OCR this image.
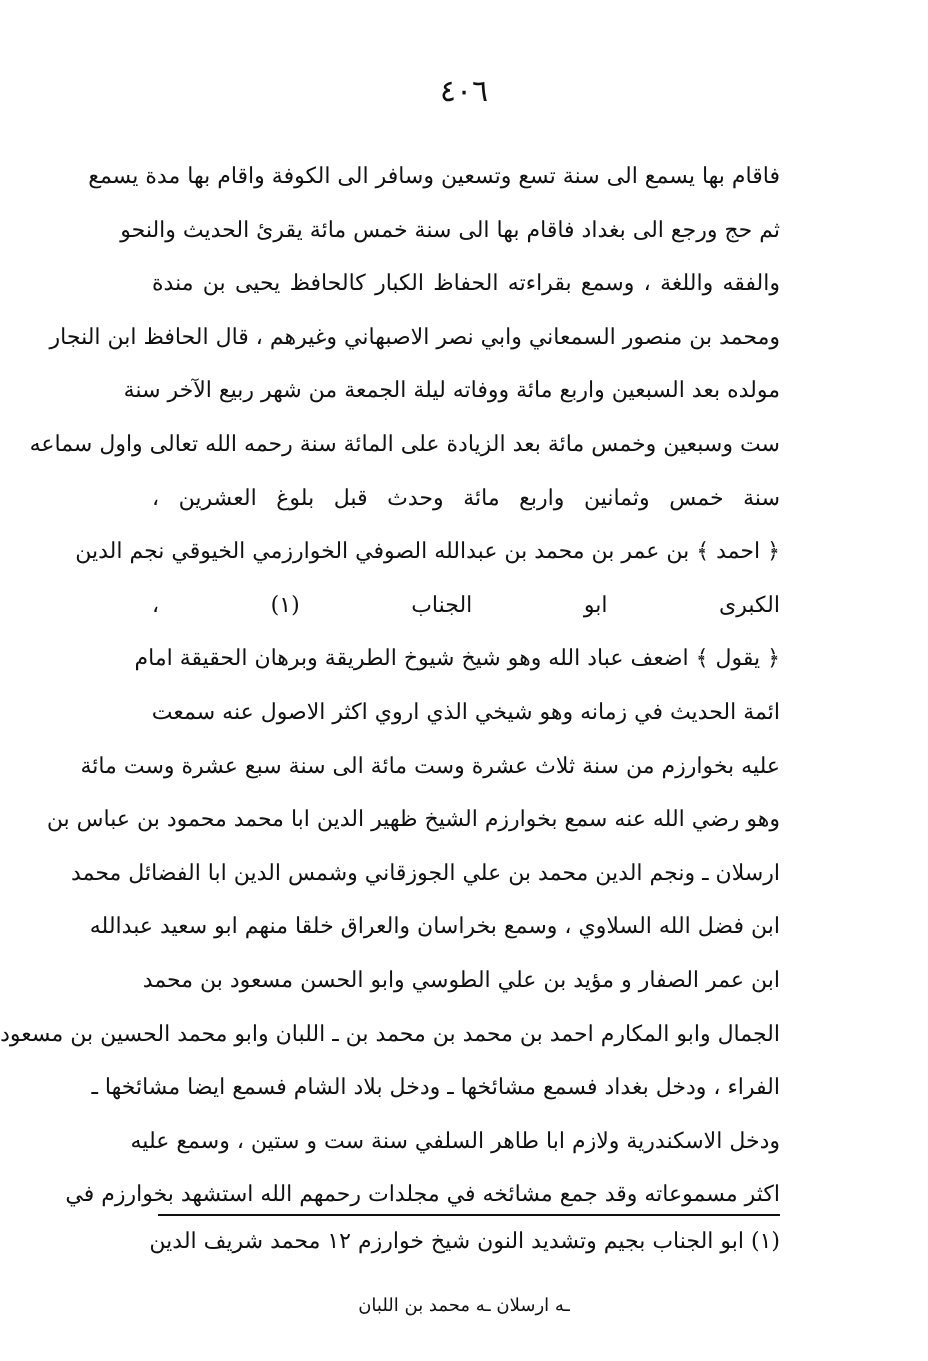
٤٠٦
فاقام بها يسمع الى سنة تسع وتسعين وسافر الى الكوفة واقام بها مدة يسمع
ثم حج ورجع الى بغداد فاقام بها الى سنة خمس مائة يقرئ الحديث والنحو
والفقه واللغة ، وسمع بقراءته الحفاظ الكبار كالحافظ يحيى بن مندة
ومحمد بن منصور السمعاني وابي نصر الاصبهاني وغيرهم ، قال الحافظ ابن النجار
مولده بعد السبعين واربع مائة ووفاته ليلة الجمعة من شهر ربيع الآخر سنة
ست وسبعين وخمس مائة بعد الزيادة على المائة سنة رحمه الله تعالى واول سماعه
سنة خمس وثمانين واربع مائة وحدث قبل بلوغ العشرين ،
﴿ احمد ﴾ بن عمر بن محمد بن عبدالله الصوفي الخوارزمي الخيوقي نجم الدين
الكبرى ابو الجناب (١) ،
﴿ يقول ﴾ اضعف عباد الله وهو شيخ شيوخ الطريقة وبرهان الحقيقة امام
ائمة الحديث في زمانه وهو شيخي الذي اروي اكثر الاصول عنه سمعت
عليه بخوارزم من سنة ثلاث عشرة وست مائة الى سنة سبع عشرة وست مائة
وهو رضي الله عنه سمع بخوارزم الشيخ ظهير الدين ابا محمد محمود بن عباس بن
ارسلان ـ ونجم الدين محمد بن علي الجوزقاني وشمس الدين ابا الفضائل محمد
ابن فضل الله السلاوي ، وسمع بخراسان والعراق خلقا منهم ابو سعيد عبدالله
ابن عمر الصفار و مؤيد بن علي الطوسي وابو الحسن مسعود بن محمد
الجمال وابو المكارم احمد بن محمد بن محمد بن ـ اللبان وابو محمد الحسين بن مسعود
الفراء ، ودخل بغداد فسمع مشائخها ـ ودخل بلاد الشام فسمع ايضا مشائخها ـ
ودخل الاسكندرية ولازم ابا طاهر السلفي سنة ست و ستين ، وسمع عليه
اكثر مسموعاته وقد جمع مشائخه في مجلدات رحمهم الله استشهد بخوارزم في
(١) ابو الجناب بجيم وتشديد النون شيخ خوارزم ١٢ محمد شريف الدين
ـه ارسلان ـه محمد بن اللبان
